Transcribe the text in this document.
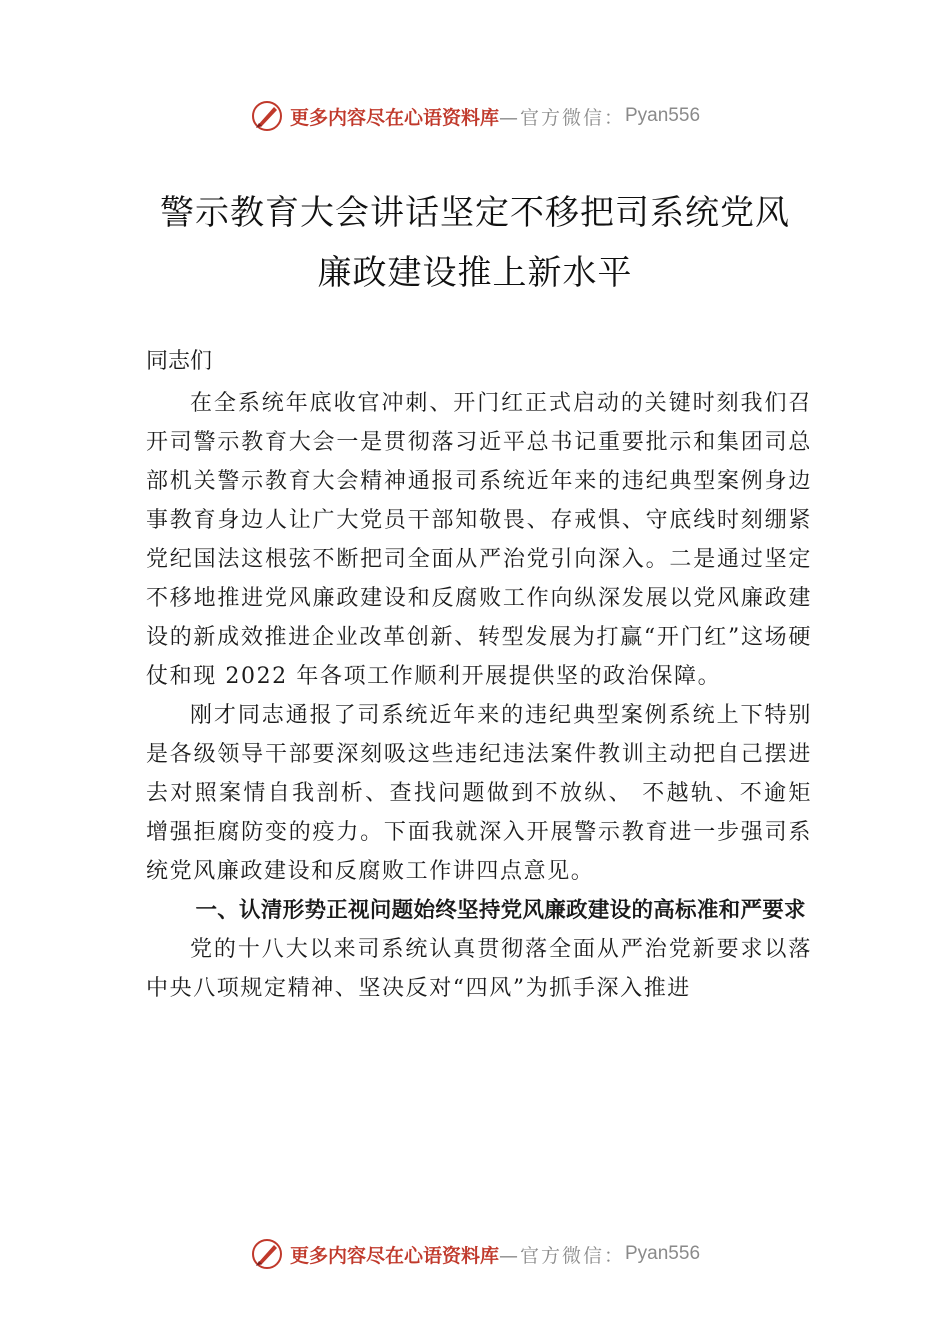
更多内容尽在心语资料库 —官方微信： Pyan556
警示教育大会讲话坚定不移把司系统党风
廉政建设推上新水平

同志们

在全系统年底收官冲刺、开门红正式启动的关键时刻我们召开司警示教育大会一是贯彻落习近平总书记重要批示和集团司总部机关警示教育大会精神通报司系统近年来的违纪典型案例身边事教育身边人让广大党员干部知敬畏、存戒惧、守底线时刻绷紧党纪国法这根弦不断把司全面从严治党引向深入。二是通过坚定不移地推进党风廉政建设和反腐败工作向纵深发展以党风廉政建设的新成效推进企业改革创新、转型发展为打赢“开门红”这场硬仗和现 2022 年各项工作顺利开展提供坚的政治保障。

刚才同志通报了司系统近年来的违纪典型案例系统上下特别是各级领导干部要深刻吸这些违纪违法案件教训主动把自己摆进去对照案情自我剖析、查找问题做到不放纵、 不越轨、不逾矩增强拒腐防变的疫力。下面我就深入开展警示教育进一步强司系统党风廉政建设和反腐败工作讲四点意见。

一、认清形势正视问题始终坚持党风廉政建设的高标准和严要求

党的十八大以来司系统认真贯彻落全面从严治党新要求以落中央八项规定精神、坚决反对“四风”为抓手深入推进

更多内容尽在心语资料库 —官方微信： Pyan556
